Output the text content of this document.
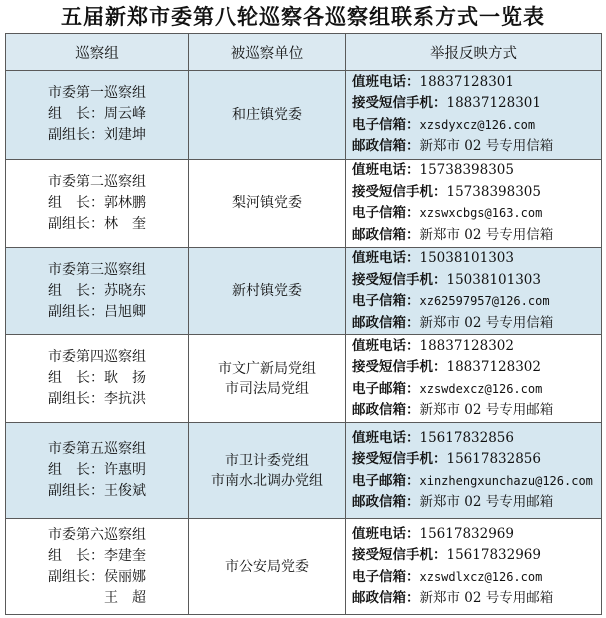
五届新郑市委第八轮巡察各巡察组联系方式一览表
巡察组	被巡察单位	举报反映方式

市委第一巡察组
组　长：周云峰
副组长：刘建坤	和庄镇党委	值班电话：18837128301
接受短信手机：18837128301
电子信箱：xzsdyxcz@126.com
邮政信箱：新郑市 02 号专用信箱

市委第二巡察组
组　长：郭林鹏
副组长：林　奎	梨河镇党委	值班电话：15738398305
接受短信手机：15738398305
电子信箱：xzswxcbgs@163.com
邮政信箱：新郑市 02 号专用信箱

市委第三巡察组
组　长：苏晓东
副组长：吕旭卿	新村镇党委	值班电话：15038101303
接受短信手机：15038101303
电子信箱：xz62597957@126.com
邮政信箱：新郑市 02 号专用信箱

市委第四巡察组
组　长：耿　扬
副组长：李抗洪	市文广新局党组
市司法局党组	值班电话：18837128302
接受短信手机：18837128302
电子邮箱：xzswdexcz@126.com
邮政信箱：新郑市 02 号专用邮箱

市委第五巡察组
组　长：许惠明
副组长：王俊斌	市卫计委党组
市南水北调办党组	值班电话：15617832856
接受短信手机：15617832856
电子邮箱：xinzhengxunchazu@126.com
邮政信箱：新郑市 02 号专用邮箱

市委第六巡察组
组　长：李建奎
副组长：侯丽娜
　　　　王　超	市公安局党委	值班电话：15617832969
接受短信手机：15617832969
电子信箱：xzswdlxcz@126.com
邮政信箱：新郑市 02 号专用邮箱
